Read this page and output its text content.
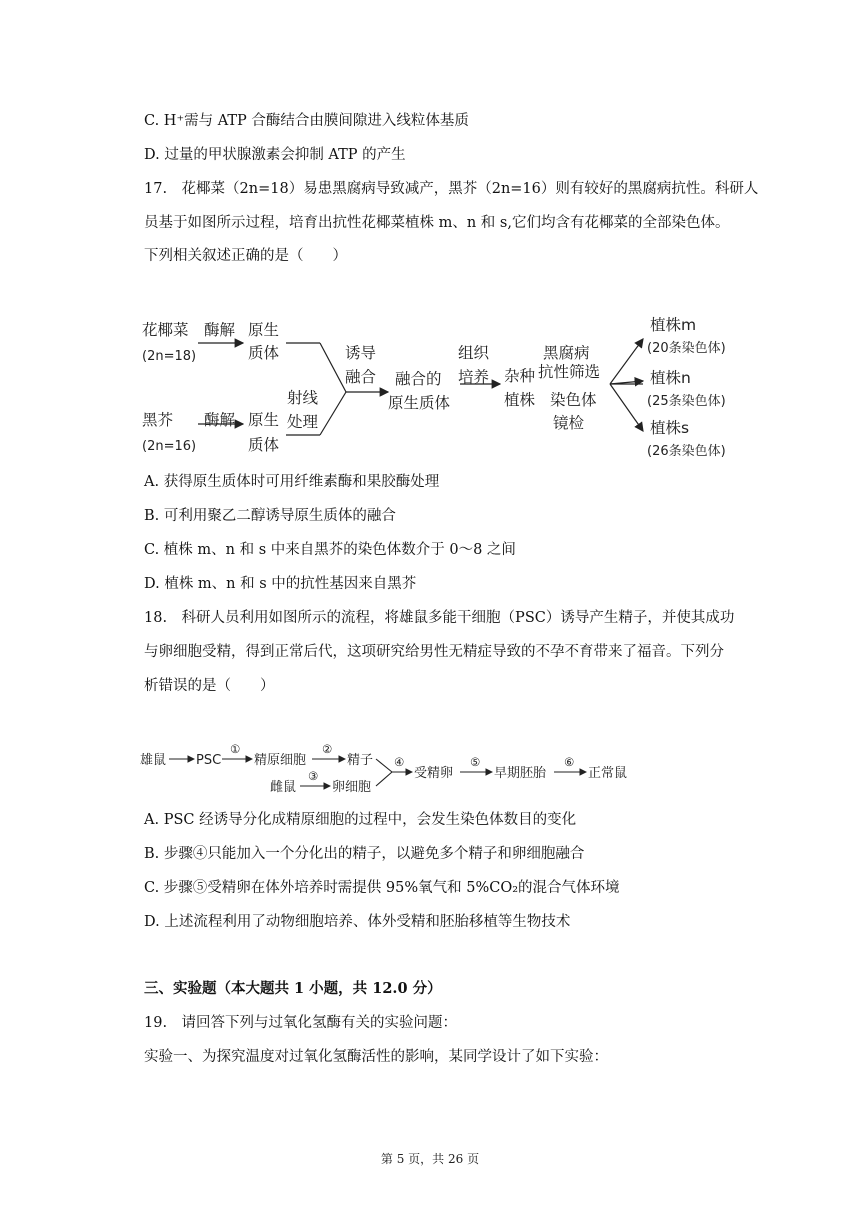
C. H⁺需与 ATP 合酶结合由膜间隙进入线粒体基质
D. 过量的甲状腺激素会抑制 ATP 的产生
17.　花椰菜（2n=18）易患黑腐病导致减产，黑芥（2n=16）则有较好的黑腐病抗性。科研人
员基于如图所示过程，培育出抗性花椰菜植株 m、n 和 s,它们均含有花椰菜的全部染色体。
下列相关叙述正确的是（　　）
花椰菜
(2n=18)
黑芥
(2n=16)
酶解
酶解
原生
质体
原生
质体
射线
处理
诱导
融合 融合的
原生质体
组织
培养 杂种
植株
黑腐病
抗性筛选
染色体
镜检
植株m
(20条染色体)
植株n
(25条染色体)
植株s
(26条染色体)
A. 获得原生质体时可用纤维素酶和果胶酶处理
B. 可利用聚乙二醇诱导原生质体的融合
C. 植株 m、n 和 s 中来自黑芥的染色体数介于 0～8 之间
D. 植株 m、n 和 s 中的抗性基因来自黑芥
18.　科研人员利用如图所示的流程，将雄鼠多能干细胞（PSC）诱导产生精子，并使其成功
与卵细胞受精，得到正常后代，这项研究给男性无精症导致的不孕不育带来了福音。下列分
析错误的是（　　）
雄鼠 PSC
①
精原细胞
②
精子
雌鼠
③
卵细胞
④
受精卵
⑤
早期胚胎
⑥
正常鼠
A. PSC 经诱导分化成精原细胞的过程中，会发生染色体数目的变化
B. 步骤④只能加入一个分化出的精子，以避免多个精子和卵细胞融合
C. 步骤⑤受精卵在体外培养时需提供 95%氧气和 5%CO₂的混合气体环境
D. 上述流程利用了动物细胞培养、体外受精和胚胎移植等生物技术
三、实验题（本大题共 1 小题，共 12.0 分）
19.　请回答下列与过氧化氢酶有关的实验问题：
实验一、为探究温度对过氧化氢酶活性的影响，某同学设计了如下实验：
第 5 页，共 26 页
